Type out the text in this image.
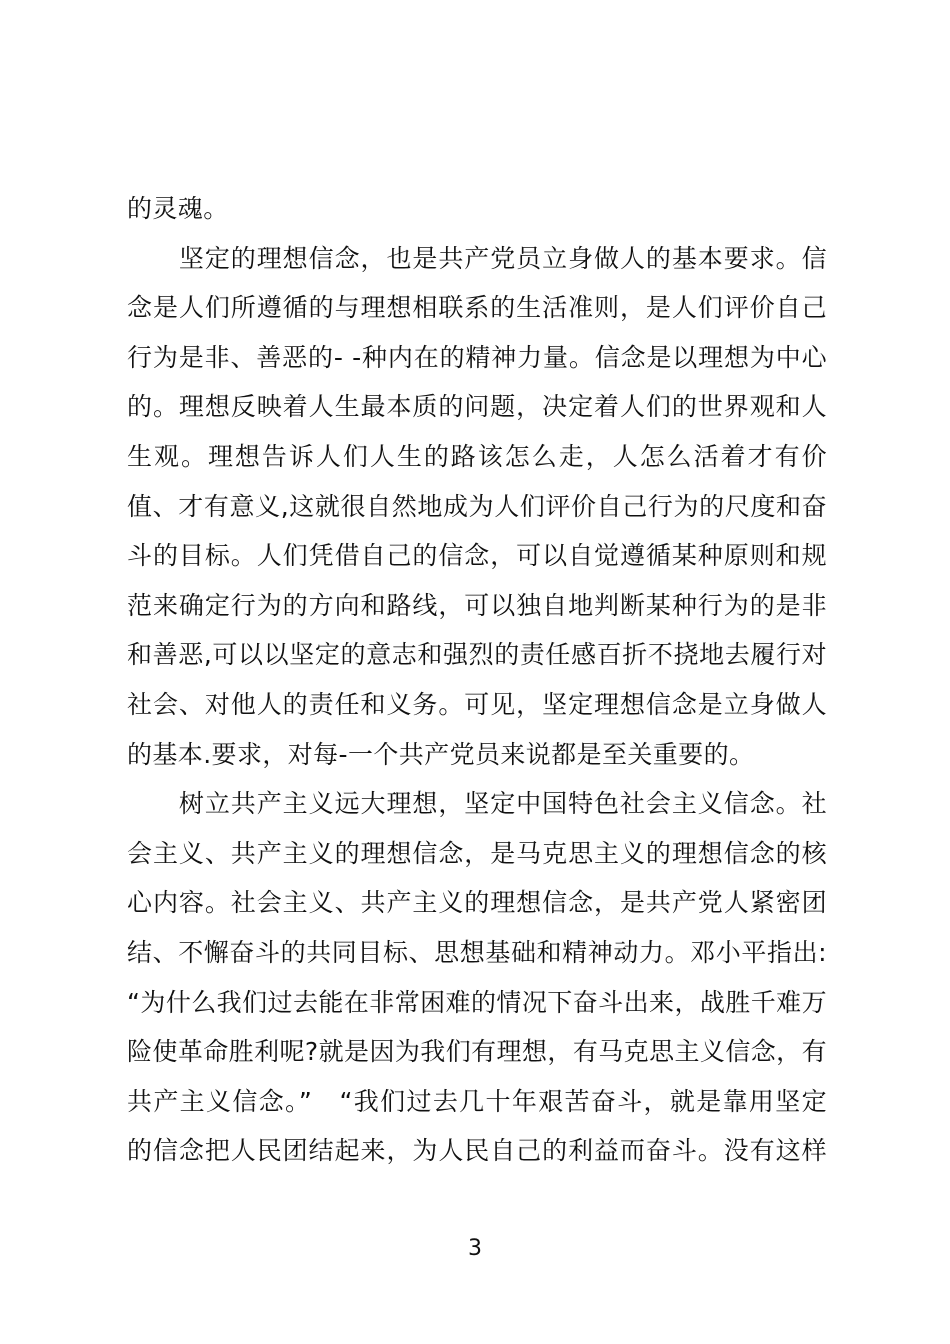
的灵魂。
　　坚定的理想信念，也是共产党员立身做人的基本要求。信
念是人们所遵循的与理想相联系的生活准则，是人们评价自己
行为是非、善恶的- -种内在的精神力量。信念是以理想为中心
的。理想反映着人生最本质的问题，决定着人们的世界观和人
生观。理想告诉人们人生的路该怎么走，人怎么活着才有价
值、才有意义,这就很自然地成为人们评价自己行为的尺度和奋
斗的目标。人们凭借自己的信念，可以自觉遵循某种原则和规
范来确定行为的方向和路线，可以独自地判断某种行为的是非
和善恶,可以以坚定的意志和强烈的责任感百折不挠地去履行对
社会、对他人的责任和义务。可见，坚定理想信念是立身做人
的基本.要求，对每-一个共产党员来说都是至关重要的。
　　树立共产主义远大理想，坚定中国特色社会主义信念。社
会主义、共产主义的理想信念，是马克思主义的理想信念的核
心内容。社会主义、共产主义的理想信念，是共产党人紧密团
结、不懈奋斗的共同目标、思想基础和精神动力。邓小平指出:
“为什么我们过去能在非常困难的情况下奋斗出来，战胜千难万
险使革命胜利呢?就是因为我们有理想，有马克思主义信念，有
共产主义信念。”　“我们过去几十年艰苦奋斗，就是靠用坚定
的信念把人民团结起来，为人民自己的利益而奋斗。没有这样
3
